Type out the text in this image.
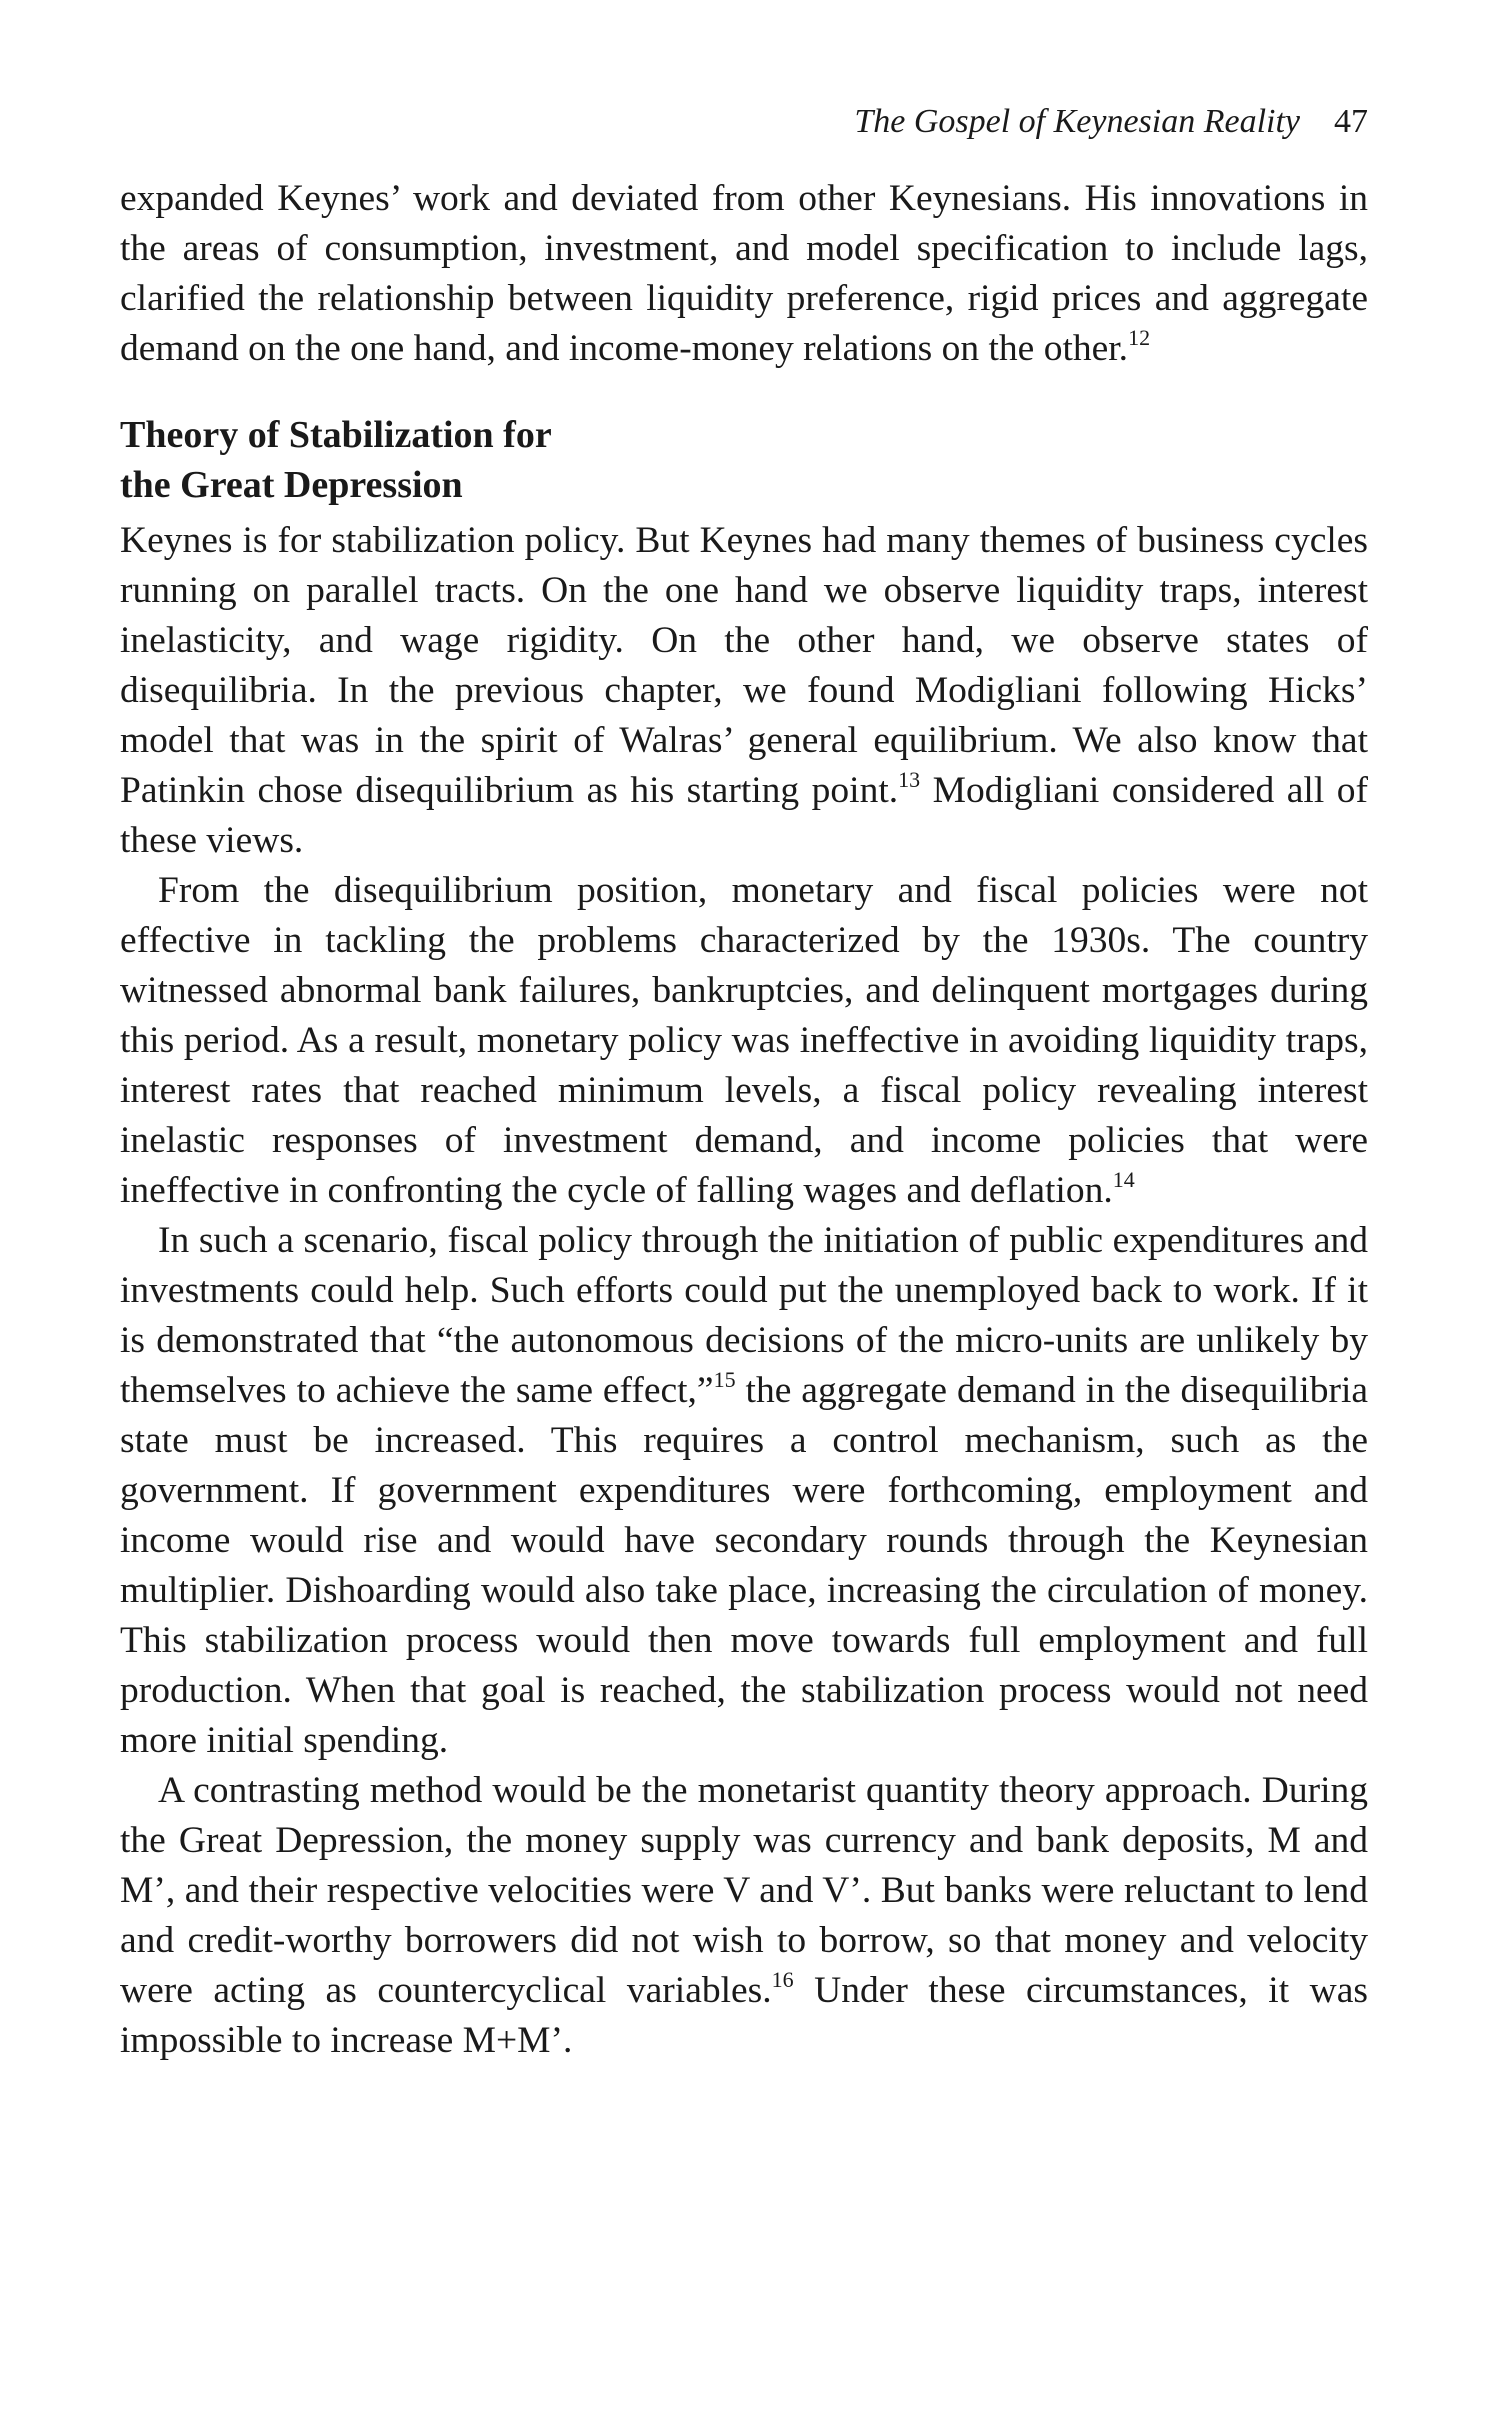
The Gospel of Keynesian Reality 47

expanded Keynes’ work and deviated from other Keynesians. His innovations in the areas of consumption, investment, and model specification to include lags, clarified the relationship between liquidity preference, rigid prices and aggregate demand on the one hand, and income-money relations on the other.$^{12}$

Theory of Stabilization for
the Great Depression

Keynes is for stabilization policy. But Keynes had many themes of business cycles running on parallel tracts. On the one hand we observe liquidity traps, interest inelasticity, and wage rigidity. On the other hand, we observe states of disequilibria. In the previous chapter, we found Modigliani following Hicks’ model that was in the spirit of Walras’ general equilibrium. We also know that Patinkin chose disequilibrium as his starting point.$^{13}$ Modigliani considered all of these views.

From the disequilibrium position, monetary and fiscal policies were not effective in tackling the problems characterized by the 1930s. The country witnessed abnormal bank failures, bankruptcies, and delinquent mortgages during this period. As a result, monetary policy was ineffective in avoiding liquidity traps, interest rates that reached minimum levels, a fiscal policy revealing interest inelastic responses of investment demand, and income policies that were ineffective in confronting the cycle of falling wages and deflation.$^{14}$

In such a scenario, fiscal policy through the initiation of public expenditures and investments could help. Such efforts could put the unemployed back to work. If it is demonstrated that “the autonomous decisions of the micro-units are unlikely by themselves to achieve the same effect,”$^{15}$ the aggregate demand in the disequilibria state must be increased. This requires a control mechanism, such as the government. If government expenditures were forthcoming, employment and income would rise and would have secondary rounds through the Keynesian multiplier. Dishoarding would also take place, increasing the circulation of money. This stabilization process would then move towards full employment and full production. When that goal is reached, the stabilization process would not need more initial spending.

A contrasting method would be the monetarist quantity theory approach. During the Great Depression, the money supply was currency and bank deposits, M and M’, and their respective velocities were V and V’. But banks were reluctant to lend and credit-worthy borrowers did not wish to borrow, so that money and velocity were acting as countercyclical variables.$^{16}$ Under these circumstances, it was impossible to increase M+M’.
